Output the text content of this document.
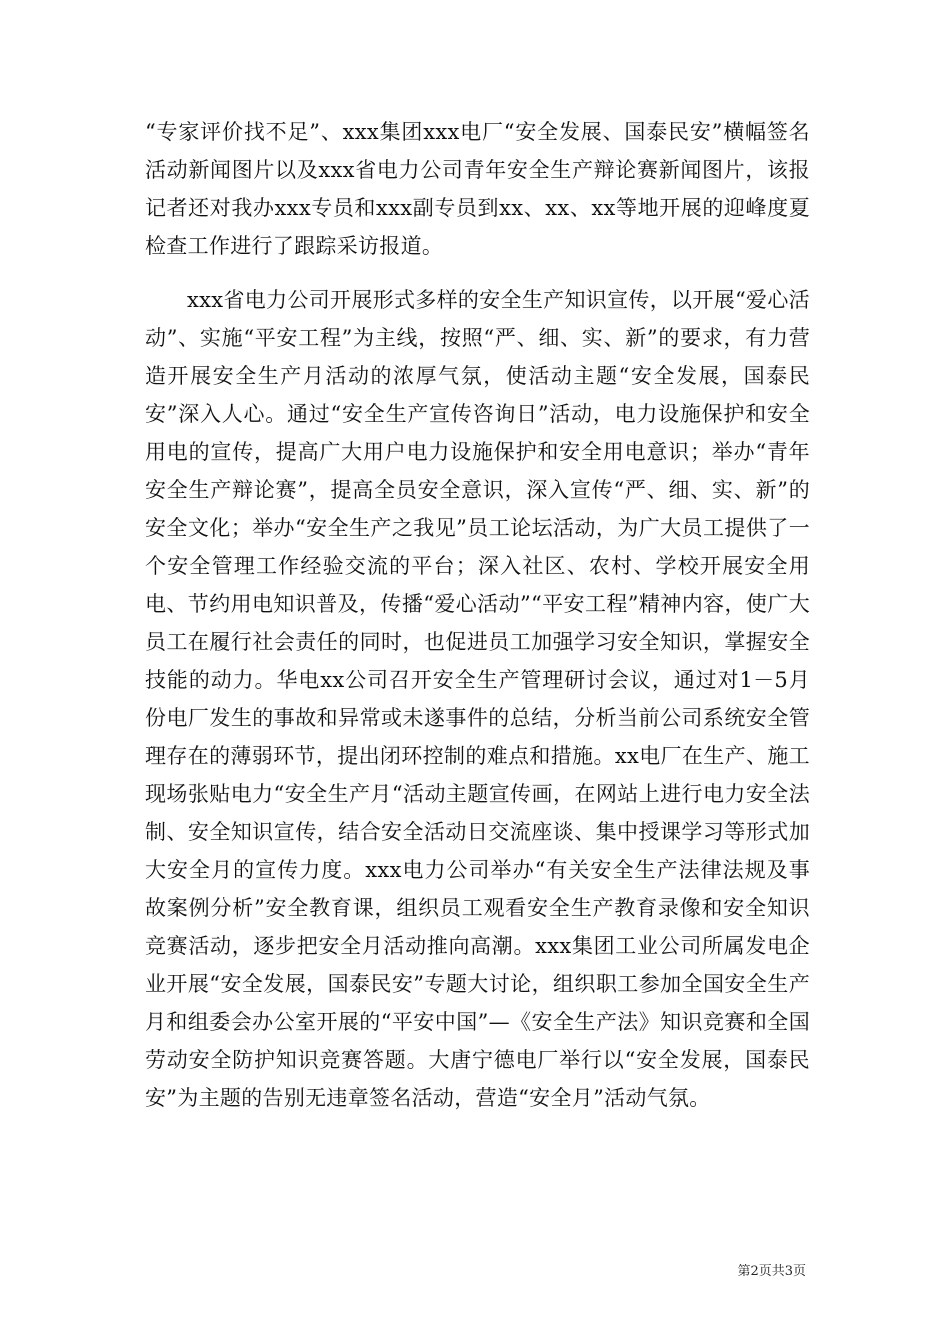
“专家评价找不足”、xxx集团xxx电厂“安全发展、国泰民安”横幅签名活动新闻图片以及xxx省电力公司青年安全生产辩论赛新闻图片，该报记者还对我办xxx专员和xxx副专员到xx、xx、xx等地开展的迎峰度夏检查工作进行了跟踪采访报道。

xxx省电力公司开展形式多样的安全生产知识宣传，以开展“爱心活动”、实施“平安工程”为主线，按照“严、细、实、新”的要求，有力营造开展安全生产月活动的浓厚气氛，使活动主题“安全发展，国泰民安”深入人心。通过“安全生产宣传咨询日”活动，电力设施保护和安全用电的宣传，提高广大用户电力设施保护和安全用电意识；举办“青年安全生产辩论赛”，提高全员安全意识，深入宣传“严、细、实、新”的安全文化；举办“安全生产之我见”员工论坛活动，为广大员工提供了一个安全管理工作经验交流的平台；深入社区、农村、学校开展安全用电、节约用电知识普及，传播“爱心活动”“平安工程”精神内容，使广大员工在履行社会责任的同时，也促进员工加强学习安全知识，掌握安全技能的动力。华电xx公司召开安全生产管理研讨会议，通过对1－5月份电厂发生的事故和异常或未遂事件的总结，分析当前公司系统安全管理存在的薄弱环节，提出闭环控制的难点和措施。xx电厂在生产、施工现场张贴电力“安全生产月“活动主题宣传画，在网站上进行电力安全法制、安全知识宣传，结合安全活动日交流座谈、集中授课学习等形式加大安全月的宣传力度。xxx电力公司举办“有关安全生产法律法规及事故案例分析”安全教育课，组织员工观看安全生产教育录像和安全知识竞赛活动，逐步把安全月活动推向高潮。xxx集团工业公司所属发电企业开展“安全发展，国泰民安”专题大讨论，组织职工参加全国安全生产月和组委会办公室开展的“平安中国”—《安全生产法》知识竞赛和全国劳动安全防护知识竞赛答题。大唐宁德电厂举行以“安全发展，国泰民安”为主题的告别无违章签名活动，营造“安全月”活动气氛。

第2页共3页
